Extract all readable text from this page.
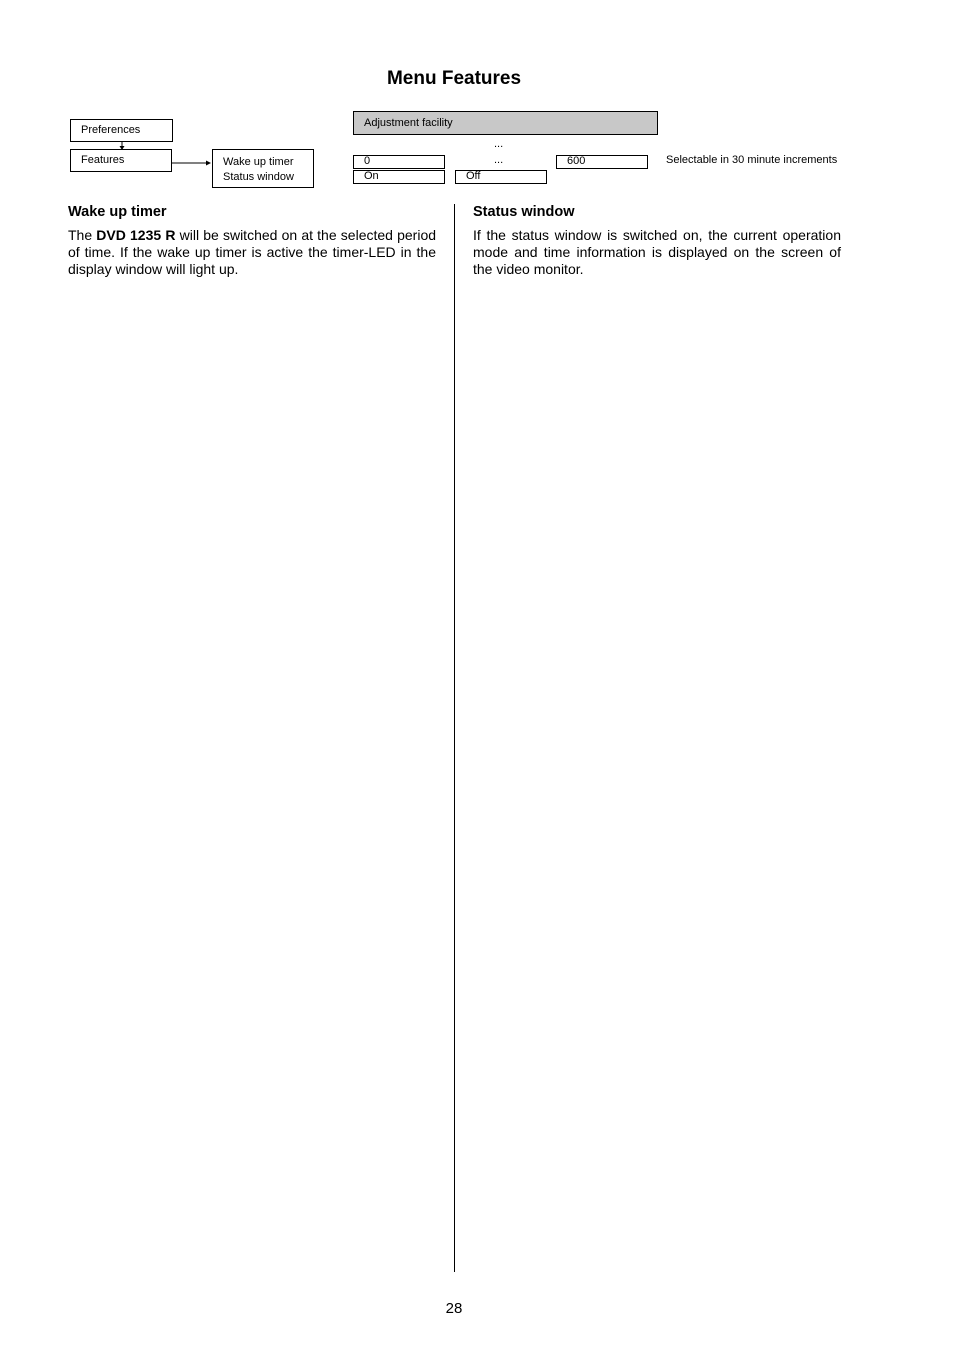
Menu Features
Preferences
Features	Wake up timer
Status window
Adjustment facility
...
0	...	600	Selectable in 30 minute increments
On	Off
Wake up timer
The DVD 1235 R will be switched on at the selected period of time. If the wake up timer is active the timer-LED in the display window will light up.
Status window
If the status window is switched on, the current operation mode and time information is displayed on the screen of the video monitor.
28
